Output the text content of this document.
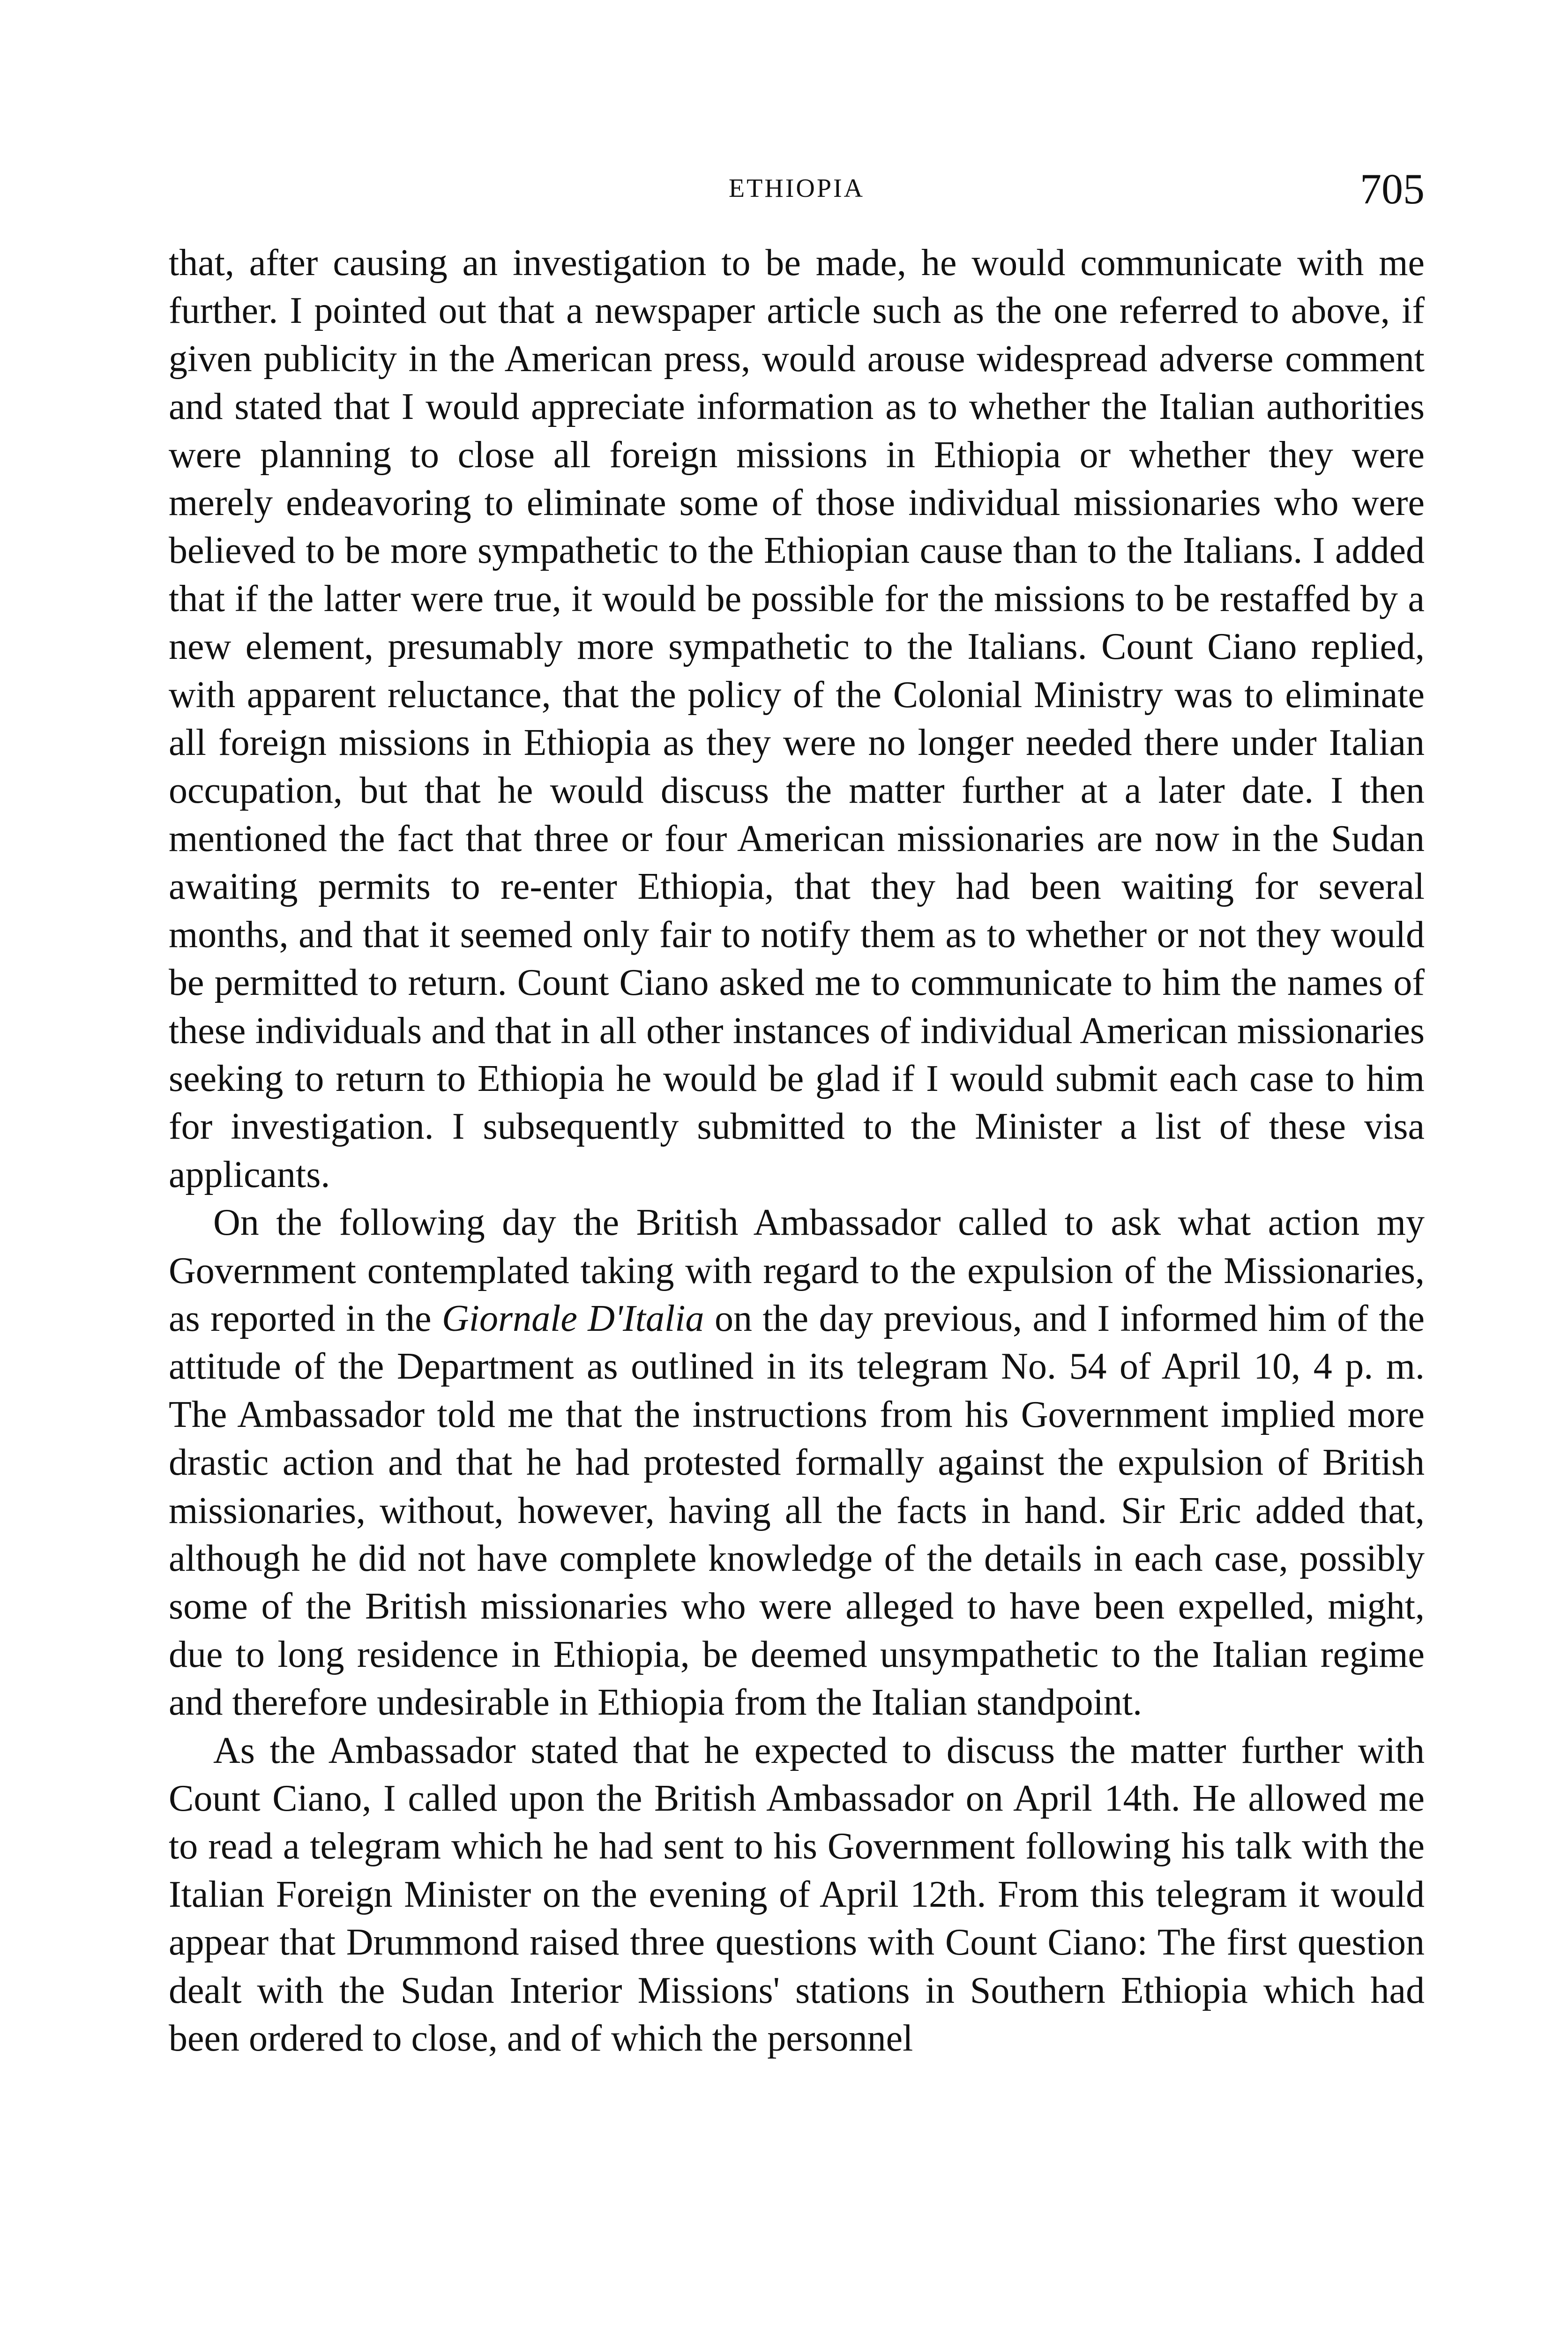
ETHIOPIA	705

that, after causing an investigation to be made, he would communicate with me further. I pointed out that a newspaper article such as the one referred to above, if given publicity in the American press, would arouse widespread adverse comment and stated that I would appreciate information as to whether the Italian authorities were planning to close all foreign missions in Ethiopia or whether they were merely endeavoring to eliminate some of those individual missionaries who were believed to be more sympathetic to the Ethiopian cause than to the Italians. I added that if the latter were true, it would be possible for the missions to be restaffed by a new element, presumably more sympathetic to the Italians. Count Ciano replied, with apparent reluctance, that the policy of the Colonial Ministry was to eliminate all foreign missions in Ethiopia as they were no longer needed there under Italian occupation, but that he would discuss the matter further at a later date. I then mentioned the fact that three or four American missionaries are now in the Sudan awaiting permits to re-enter Ethiopia, that they had been waiting for several months, and that it seemed only fair to notify them as to whether or not they would be permitted to return. Count Ciano asked me to communicate to him the names of these individuals and that in all other instances of individual American missionaries seeking to return to Ethiopia he would be glad if I would submit each case to him for investigation. I subsequently submitted to the Minister a list of these visa applicants.

On the following day the British Ambassador called to ask what action my Government contemplated taking with regard to the expulsion of the Missionaries, as reported in the Giornale D'Italia on the day previous, and I informed him of the attitude of the Department as outlined in its telegram No. 54 of April 10, 4 p. m. The Ambassador told me that the instructions from his Government implied more drastic action and that he had protested formally against the expulsion of British missionaries, without, however, having all the facts in hand. Sir Eric added that, although he did not have complete knowledge of the details in each case, possibly some of the British missionaries who were alleged to have been expelled, might, due to long residence in Ethiopia, be deemed unsympathetic to the Italian regime and therefore undesirable in Ethiopia from the Italian standpoint.

As the Ambassador stated that he expected to discuss the matter further with Count Ciano, I called upon the British Ambassador on April 14th. He allowed me to read a telegram which he had sent to his Government following his talk with the Italian Foreign Minister on the evening of April 12th. From this telegram it would appear that Drummond raised three questions with Count Ciano: The first question dealt with the Sudan Interior Missions' stations in Southern Ethiopia which had been ordered to close, and of which the personnel
